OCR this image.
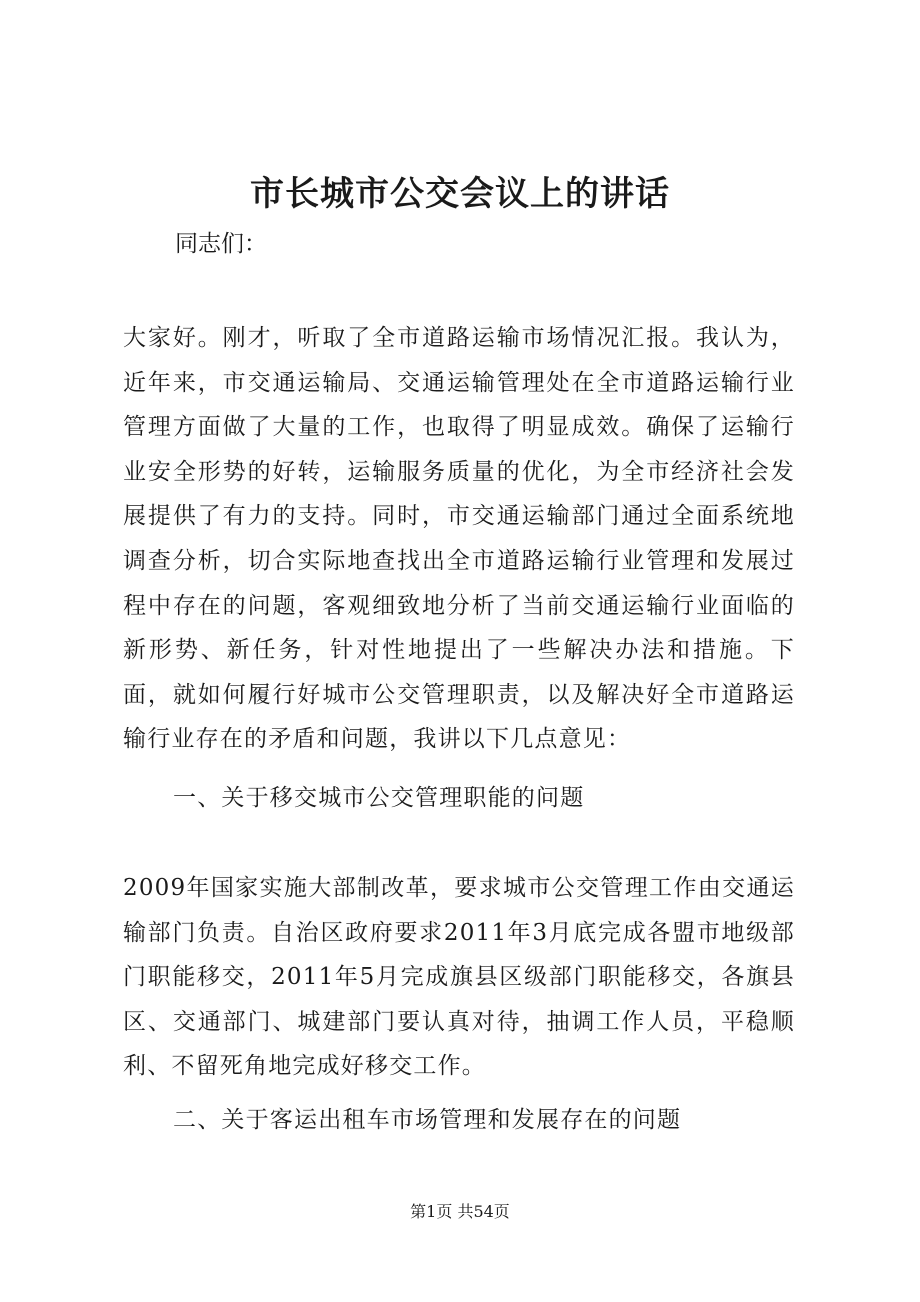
市长城市公交会议上的讲话

同志们：

大家好。刚才，听取了全市道路运输市场情况汇报。我认为，近年来，市交通运输局、交通运输管理处在全市道路运输行业管理方面做了大量的工作，也取得了明显成效。确保了运输行业安全形势的好转，运输服务质量的优化，为全市经济社会发展提供了有力的支持。同时，市交通运输部门通过全面系统地调查分析，切合实际地查找出全市道路运输行业管理和发展过程中存在的问题，客观细致地分析了当前交通运输行业面临的新形势、新任务，针对性地提出了一些解决办法和措施。下面，就如何履行好城市公交管理职责，以及解决好全市道路运输行业存在的矛盾和问题，我讲以下几点意见：

一、关于移交城市公交管理职能的问题

2009年国家实施大部制改革，要求城市公交管理工作由交通运输部门负责。自治区政府要求2011年3月底完成各盟市地级部门职能移交，2011年5月完成旗县区级部门职能移交，各旗县区、交通部门、城建部门要认真对待，抽调工作人员，平稳顺利、不留死角地完成好移交工作。

二、关于客运出租车市场管理和发展存在的问题

第1页 共54页
